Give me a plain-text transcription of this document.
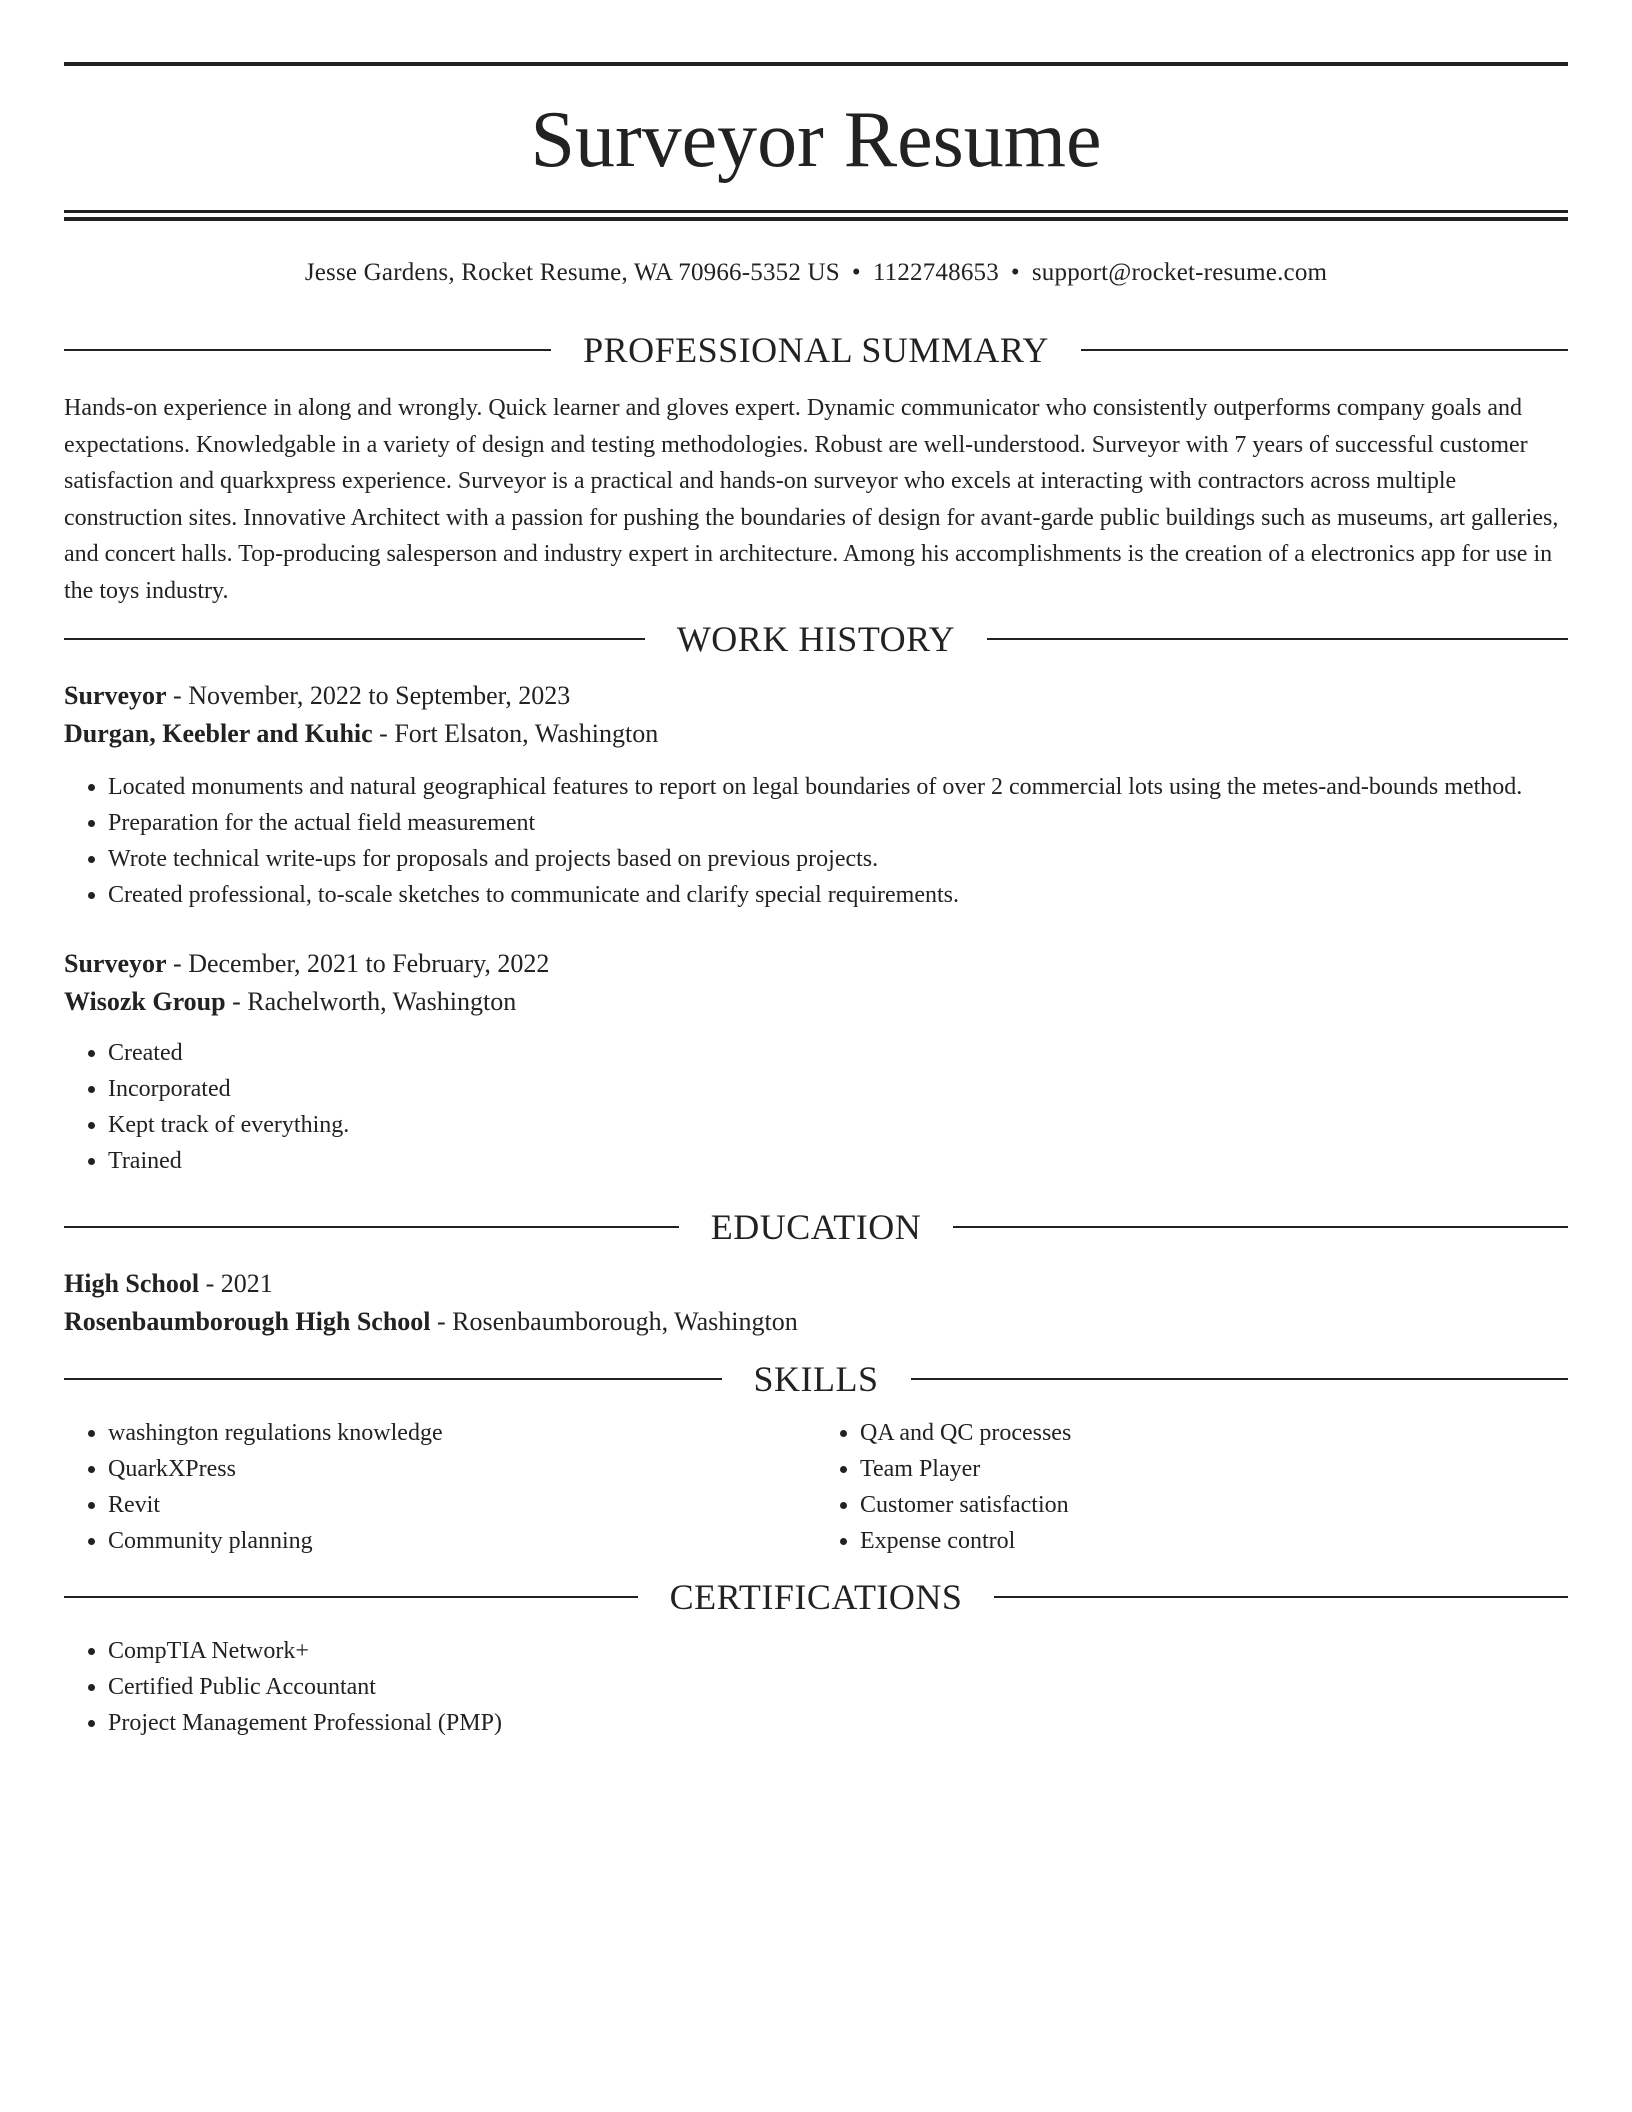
Surveyor Resume
Jesse Gardens, Rocket Resume, WA 70966-5352 US • 1122748653 • support@rocket-resume.com
PROFESSIONAL SUMMARY

Hands-on experience in along and wrongly. Quick learner and gloves expert. Dynamic communicator who consistently outperforms company goals and expectations. Knowledgable in a variety of design and testing methodologies. Robust are well-understood. Surveyor with 7 years of successful customer satisfaction and quarkxpress experience. Surveyor is a practical and hands-on surveyor who excels at interacting with contractors across multiple construction sites. Innovative Architect with a passion for pushing the boundaries of design for avant-garde public buildings such as museums, art galleries, and concert halls. Top-producing salesperson and industry expert in architecture. Among his accomplishments is the creation of a electronics app for use in the toys industry.

WORK HISTORY
Surveyor - November, 2022 to September, 2023
Durgan, Keebler and Kuhic - Fort Elsaton, Washington
• Located monuments and natural geographical features to report on legal boundaries of over 2 commercial lots using the metes-and-bounds method.
• Preparation for the actual field measurement
• Wrote technical write-ups for proposals and projects based on previous projects.
• Created professional, to-scale sketches to communicate and clarify special requirements.
Surveyor - December, 2021 to February, 2022
Wisozk Group - Rachelworth, Washington
• Created
• Incorporated
• Kept track of everything.
• Trained
EDUCATION
High School - 2021
Rosenbaumborough High School - Rosenbaumborough, Washington
SKILLS
• washington regulations knowledge
• QuarkXPress
• Revit
• Community planning
• QA and QC processes
• Team Player
• Customer satisfaction
• Expense control
CERTIFICATIONS
• CompTIA Network+
• Certified Public Accountant
• Project Management Professional (PMP)
